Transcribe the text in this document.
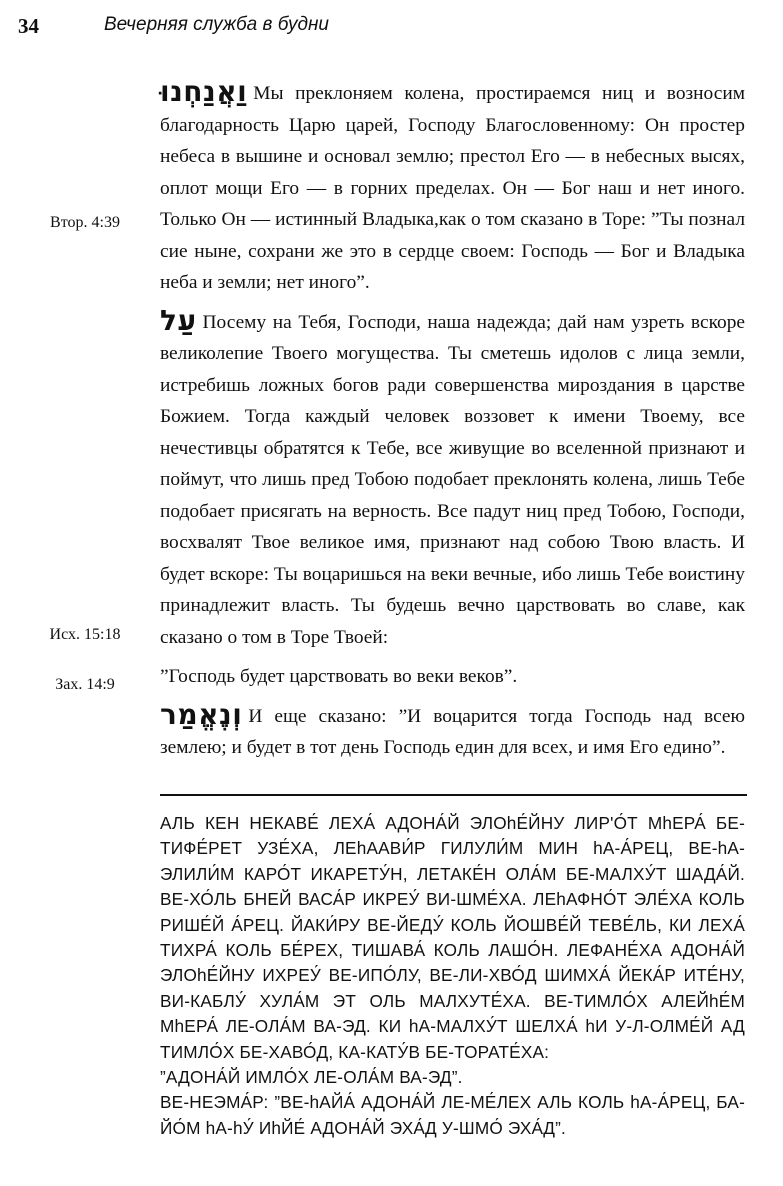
34	Вечерняя служба в будни

וַאֲנַחְנוּ Мы преклоняем колена, простираемся ниц и возносим благодарность Царю царей, Господу Благословенному: Он простер небеса в вышине и основал землю; престол Его — в небесных высях, оплот мощи Его — в горних пределах. Он — Бог наш и нет иного. Только Он — истинный Владыка,как о том сказано в Торе: ”Ты познал сие ныне, сохрани же это в сердце своем: Господь — Бог и Владыка неба и земли; нет иного”.

עַל Посему на Тебя, Господи, наша надежда; дай нам узреть вскоре великолепие Твоего могущества. Ты сметешь идолов с лица земли, истребишь ложных богов ради совершенства мироздания в царстве Божием. Тогда каждый человек воззовет к имени Твоему, все нечестивцы обратятся к Тебе, все живущие во вселенной признают и поймут, что лишь пред Тобою подобает преклонять колена, лишь Тебе подобает присягать на верность. Все падут ниц пред Тобою, Господи, восхвалят Твое великое имя, признают над собою Твою власть. И будет вскоре: Ты воцаришься на веки вечные, ибо лишь Тебе воистину принадлежит власть. Ты будешь вечно царствовать во славе, как сказано о том в Торе Твоей:

”Господь будет царствовать во веки веков”.

וְנֶאֱמַר И еще сказано: ”И воцарится тогда Господь над всею землею; и будет в тот день Господь един для всех, и имя Его едино”.

Втор. 4:39
Исх. 15:18
Зах. 14:9

АЛЬ КЕН НЕКАВЕ́ ЛЕХА́ АДОНА́Й ЭЛОhЕ́ЙНУ ЛИР'О́Т МhЕРА́ БЕ-ТИФЕ́РЕТ УЗЕ́ХА, ЛЕhААВИ́Р ГИЛУЛИ́М МИН hА-А́РЕЦ, ВЕ-hА-ЭЛИЛИ́М КАРО́Т ИКАРЕТУ́Н, ЛЕТАКЕ́Н ОЛА́М БЕ-МАЛХУ́Т ШАДА́Й. ВЕ-ХО́ЛЬ БНЕЙ ВАСА́Р ИКРЕУ́ ВИ-ШМЕ́ХА. ЛЕhАФНО́Т ЭЛЕ́ХА КОЛЬ РИШЕ́Й А́РЕЦ. ЙАКИ́РУ ВЕ-ЙЕДУ́ КОЛЬ ЙОШВЕ́Й ТЕВЕ́ЛЬ, КИ ЛЕХА́ ТИХРА́ КОЛЬ БЕ́РЕХ, ТИШАВА́ КОЛЬ ЛАШО́Н. ЛЕФАНЕ́ХА АДОНА́Й ЭЛОhЕ́ЙНУ ИХРЕУ́ ВЕ-ИПО́ЛУ, ВЕ-ЛИ-ХВО́Д ШИМХА́ ЙЕКА́Р ИТЕ́НУ, ВИ-КАБЛУ́ ХУЛА́М ЭТ ОЛЬ МАЛХУТЕ́ХА. ВЕ-ТИМЛО́Х АЛЕЙhЕ́М МhЕРА́ ЛЕ-ОЛА́М ВА-ЭД. КИ hА-МАЛХУ́Т ШЕЛХА́ hИ У-Л-ОЛМЕ́Й АД ТИМЛО́Х БЕ-ХАВО́Д, КА-КАТУ́В БЕ-ТОРАТЕ́ХА:

”АДОНА́Й ИМЛО́Х ЛЕ-ОЛА́М ВА-ЭД”.

ВЕ-НЕЭМА́Р: ”ВЕ-hАЙА́ АДОНА́Й ЛЕ-МЕ́ЛЕХ АЛЬ КОЛЬ hА-А́РЕЦ, БА-ЙО́М hА-hУ́ ИhЙЕ́ АДОНА́Й ЭХА́Д У-ШМО́ ЭХА́Д”.
